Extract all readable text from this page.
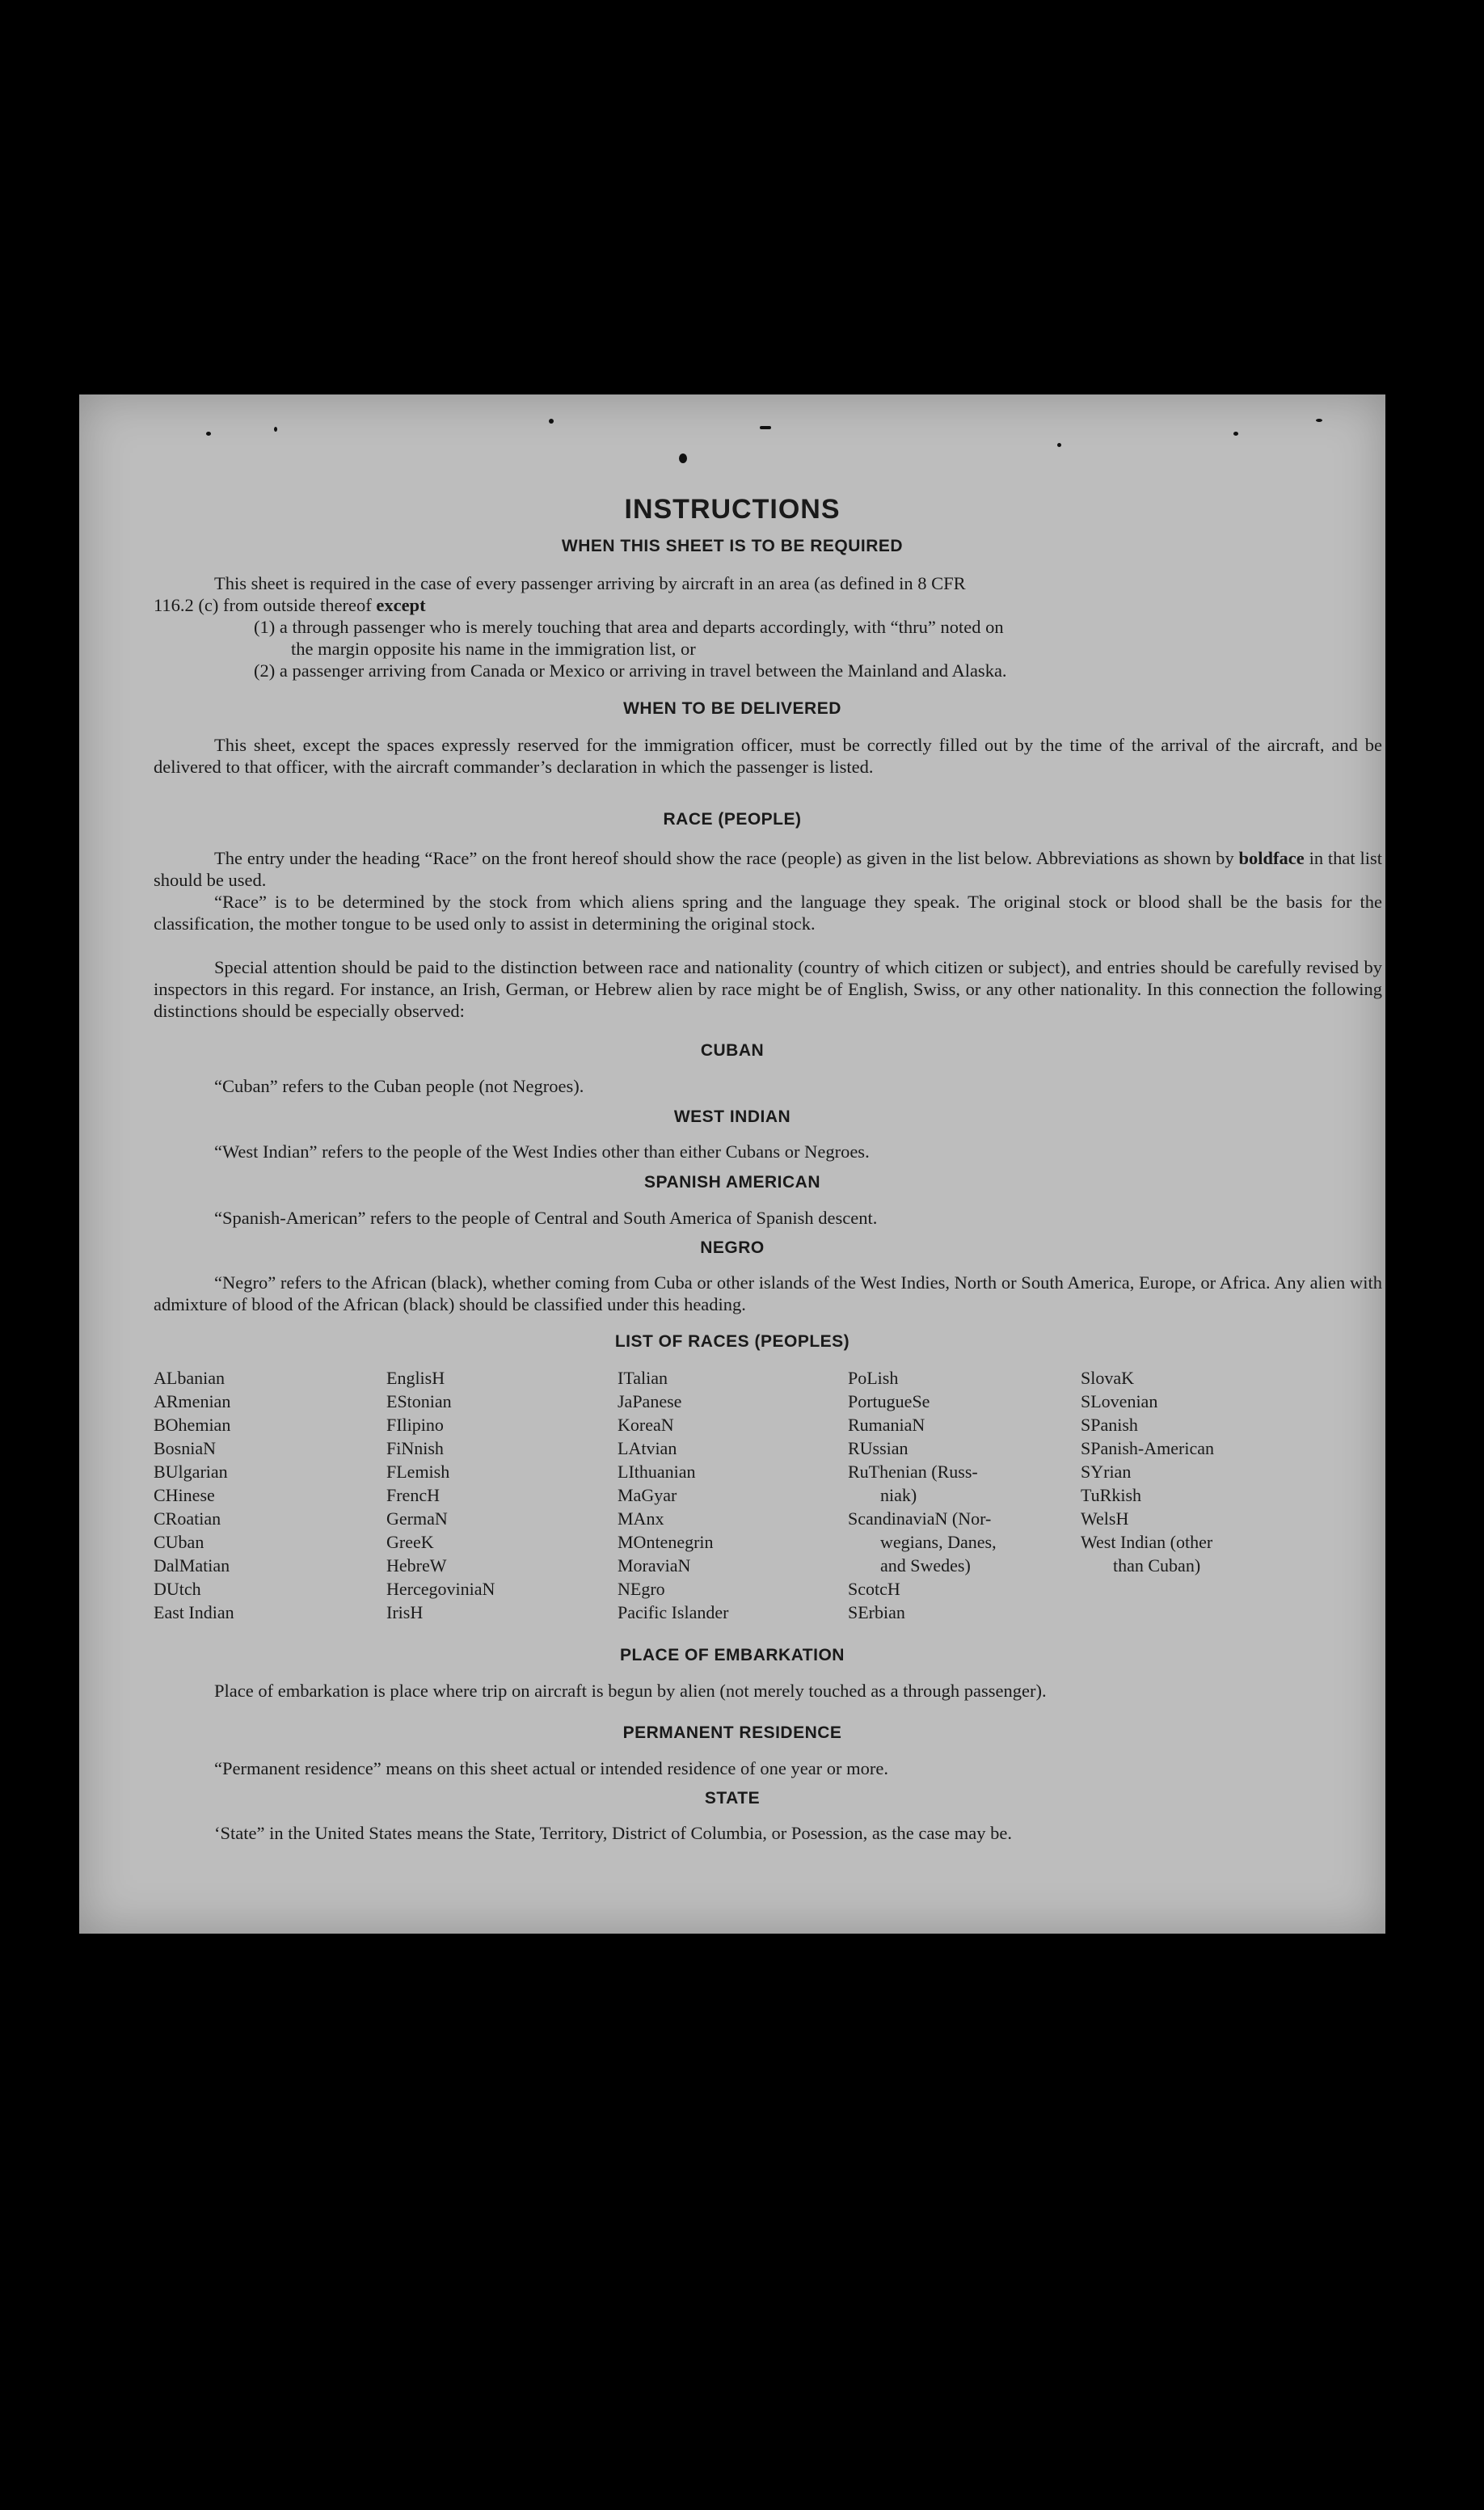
INSTRUCTIONS
WHEN THIS SHEET IS TO BE REQUIRED
This sheet is required in the case of every passenger arriving by aircraft in an area (as defined in 8 CFR
116.2 (c) from outside thereof except
(1) a through passenger who is merely touching that area and departs accordingly, with “thru” noted on
the margin opposite his name in the immigration list, or
(2) a passenger arriving from Canada or Mexico or arriving in travel between the Mainland and Alaska.
WHEN TO BE DELIVERED
This sheet, except the spaces expressly reserved for the immigration officer, must be correctly filled out by the time of the arrival of the aircraft, and be delivered to that officer, with the aircraft commander’s declaration in which the passenger is listed.
RACE (PEOPLE)
The entry under the heading “Race” on the front hereof should show the race (people) as given in the list below. Abbreviations as shown by boldface in that list should be used.
“Race” is to be determined by the stock from which aliens spring and the language they speak. The original stock or blood shall be the basis for the classification, the mother tongue to be used only to assist in determining the original stock.
Special attention should be paid to the distinction between race and nationality (country of which citizen or subject), and entries should be carefully revised by inspectors in this regard. For instance, an Irish, German, or Hebrew alien by race might be of English, Swiss, or any other nationality. In this connection the following distinctions should be especially observed:
CUBAN
“Cuban” refers to the Cuban people (not Negroes).
WEST INDIAN
“West Indian” refers to the people of the West Indies other than either Cubans or Negroes.
SPANISH AMERICAN
“Spanish-American” refers to the people of Central and South America of Spanish descent.
NEGRO
“Negro” refers to the African (black), whether coming from Cuba or other islands of the West Indies, North or South America, Europe, or Africa. Any alien with admixture of blood of the African (black) should be classified under this heading.
LIST OF RACES (PEOPLES)
ALbanian
ARmenian
BOhemian
BosniaN
BUlgarian
CHinese
CRoatian
CUban
DalMatian
DUtch
East Indian
EnglisH
EStonian
FIlipino
FiNnish
FLemish
FrencH
GermaN
GreeK
HebreW
HercegoviniaN
IrisH
ITalian
JaPanese
KoreaN
LAtvian
LIthuanian
MaGyar
MAnx
MOntenegrin
MoraviaN
NEgro
Pacific Islander
PoLish
PortugueSe
RumaniaN
RUssian
RuThenian (Russ-
niak)
ScandinaviaN (Nor-
wegians, Danes,
and Swedes)
ScotcH
SErbian
SlovaK
SLovenian
SPanish
SPanish-American
SYrian
TuRkish
WelsH
West Indian (other
than Cuban)
PLACE OF EMBARKATION
Place of embarkation is place where trip on aircraft is begun by alien (not merely touched as a through passenger).
PERMANENT RESIDENCE
“Permanent residence” means on this sheet actual or intended residence of one year or more.
STATE
‘State” in the United States means the State, Territory, District of Columbia, or Posession, as the case may be.
